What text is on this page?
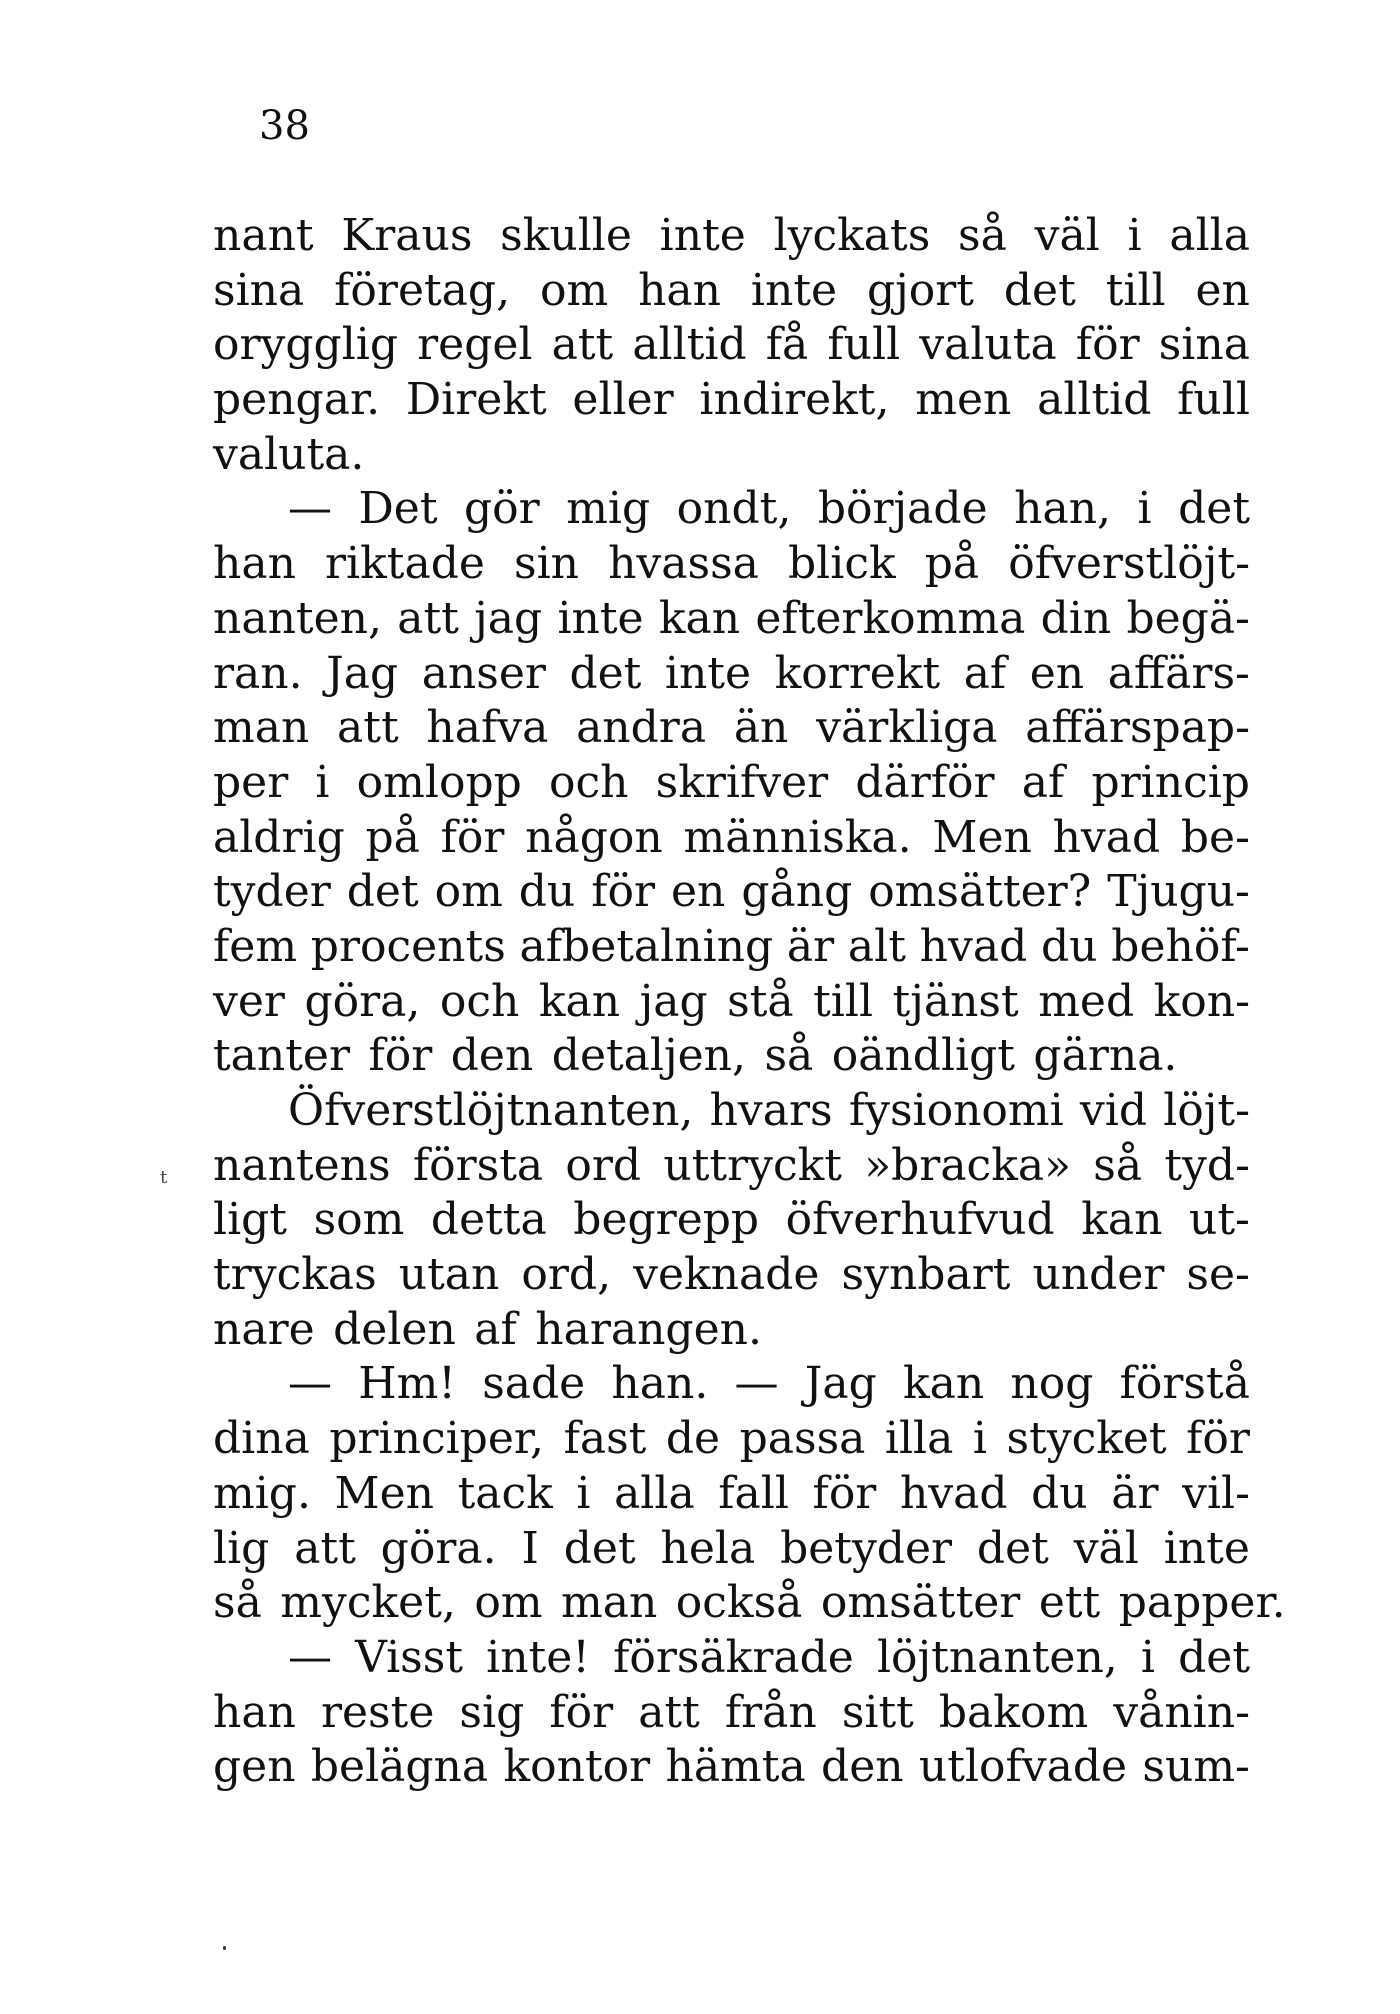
38
t
nant Kraus skulle inte lyckats så väl i alla
sina företag, om han inte gjort det till en
orygglig regel att alltid få full valuta för sina
pengar. Direkt eller indirekt, men alltid full
valuta.
— Det gör mig ondt, började han, i det
han riktade sin hvassa blick på öfverstlöjt-
nanten, att jag inte kan efterkomma din begä-
ran. Jag anser det inte korrekt af en affärs-
man att hafva andra än värkliga affärspap-
per i omlopp och skrifver därför af princip
aldrig på för någon människa. Men hvad be-
tyder det om du för en gång omsätter? Tjugu-
fem procents afbetalning är alt hvad du behöf-
ver göra, och kan jag stå till tjänst med kon-
tanter för den detaljen, så oändligt gärna.
Öfverstlöjtnanten, hvars fysionomi vid löjt-
nantens första ord uttryckt »bracka» så tyd-
ligt som detta begrepp öfverhufvud kan ut-
tryckas utan ord, veknade synbart under se-
nare delen af harangen.
— Hm! sade han. — Jag kan nog förstå
dina principer, fast de passa illa i stycket för
mig. Men tack i alla fall för hvad du är vil-
lig att göra. I det hela betyder det väl inte
så mycket, om man också omsätter ett papper.
— Visst inte! försäkrade löjtnanten, i det
han reste sig för att från sitt bakom vånin-
gen belägna kontor hämta den utlofvade sum-
